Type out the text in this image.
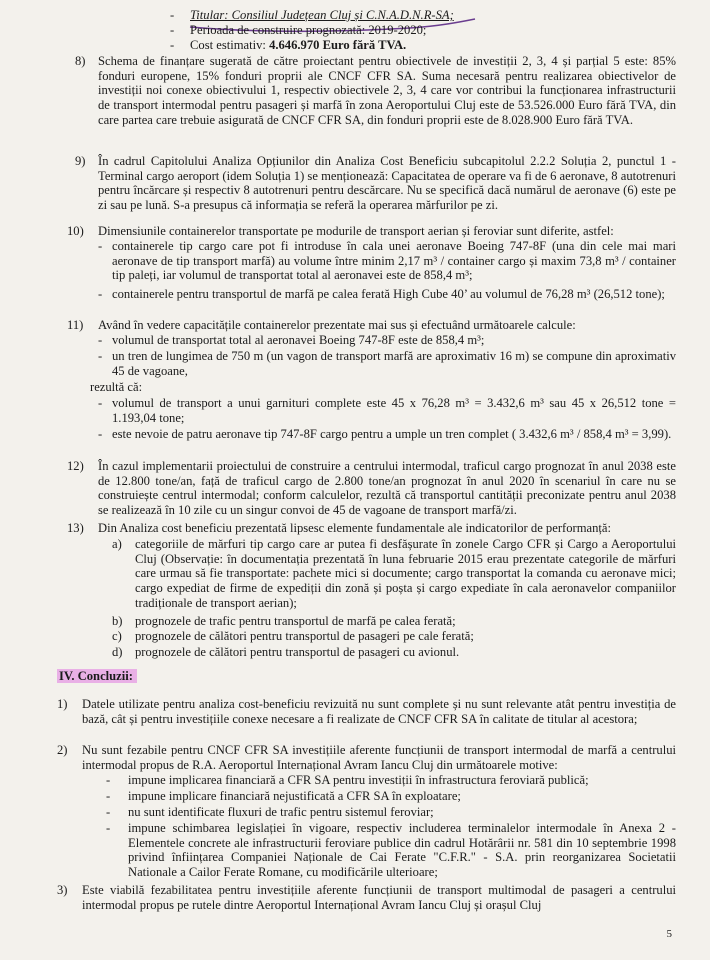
- Titular: Consiliul Județean Cluj și C.N.A.D.N.R-SA;
- Perioada de construire prognozată: 2019-2020;
- Cost estimativ: 4.646.970 Euro fără TVA.
8) Schema de finanțare sugerată de către proiectant pentru obiectivele de investiții 2, 3, 4 și parțial 5 este: 85% fonduri europene, 15% fonduri proprii ale CNCF CFR SA. Suma necesară pentru realizarea obiectivelor de investiții noi conexe obiectivului 1, respectiv obiectivele 2, 3, 4 care vor contribui la funcționarea infrastructurii de transport intermodal pentru pasageri și marfă în zona Aeroportului Cluj este de 53.526.000 Euro fără TVA, din care partea care trebuie asigurată de CNCF CFR SA, din fonduri proprii este de 8.028.900 Euro fără TVA.

9) În cadrul Capitolului Analiza Opțiunilor din Analiza Cost Beneficiu subcapitolul 2.2.2 Soluția 2, punctul 1 - Terminal cargo aeroport (idem Soluția 1) se menționează: Capacitatea de operare va fi de 6 aeronave, 8 autotrenuri pentru încărcare și respectiv 8 autotrenuri pentru descărcare. Nu se specifică dacă numărul de aeronave (6) este pe zi sau pe lună. S-a presupus că informația se referă la operarea mărfurilor pe zi.

10) Dimensiunile containerelor transportate pe modurile de transport aerian și feroviar sunt diferite, astfel:

- containerele tip cargo care pot fi introduse în cala unei aeronave Boeing 747-8F (una din cele mai mari aeronave de tip transport marfă) au volume între minim 2,17 m³ / container cargo și maxim 73,8 m³ / container tip paleți, iar volumul de transportat total al aeronavei este de 858,4 m³;

- containerele pentru transportul de marfă pe calea ferată High Cube 40’ au volumul de 76,28 m³ (26,512 tone);

11) Având în vedere capacitățile containerelor prezentate mai sus și efectuând următoarele calcule:

- volumul de transportat total al aeronavei Boeing 747-8F este de 858,4 m³;

- un tren de lungimea de 750 m (un vagon de transport marfă are aproximativ 16 m) se compune din aproximativ 45 de vagoane,

rezultă că:

- volumul de transport a unui garnituri complete este 45 x 76,28 m³ = 3.432,6 m³ sau 45 x 26,512 tone = 1.193,04 tone;

- este nevoie de patru aeronave tip 747-8F cargo pentru a umple un tren complet ( 3.432,6 m³ / 858,4 m³ = 3,99).

12) În cazul implementarii proiectului de construire a centrului intermodal, traficul cargo prognozat în anul 2038 este de 12.800 tone/an, față de traficul cargo de 2.800 tone/an prognozat în anul 2020 în scenariul în care nu se construiește centrul intermodal; conform calculelor, rezultă că transportul cantității preconizate pentru anul 2038 se realizează în 10 zile cu un singur convoi de 45 de vagoane de transport marfă/zi.

13) Din Analiza cost beneficiu prezentată lipsesc elemente fundamentale ale indicatorilor de performanță:

a) categoriile de mărfuri tip cargo care ar putea fi desfășurate în zonele Cargo CFR și Cargo a Aeroportului Cluj (Observație: în documentația prezentată în luna februarie 2015 erau prezentate categorile de mărfuri care urmau să fie transportate: pachete mici si documente; cargo transportat la comanda cu aeronave mici; cargo expediat de firme de expediții din zonă și poșta și cargo expediate în cala aeronavelor companiilor tradiționale de transport aerian);

b) prognozele de trafic pentru transportul de marfă pe calea ferată;

c) prognozele de călători pentru transportul de pasageri pe cale ferată;

d) prognozele de călători pentru transportul de pasageri cu avionul.

IV. Concluzii:
1) Datele utilizate pentru analiza cost-beneficiu revizuită nu sunt complete și nu sunt relevante atât pentru investiția de bază, cât și pentru investițiile conexe necesare a fi realizate de CNCF CFR SA în calitate de titular al acestora;

2) Nu sunt fezabile pentru CNCF CFR SA investițiile aferente funcțiunii de transport intermodal de marfă a centrului intermodal propus de R.A. Aeroportul Internațional Avram Iancu Cluj din următoarele motive:

- impune implicarea financiară a CFR SA pentru investiții în infrastructura feroviară publică;

- impune implicare financiară nejustificată a CFR SA în exploatare;

- nu sunt identificate fluxuri de trafic pentru sistemul feroviar;

- impune schimbarea legislației în vigoare, respectiv includerea terminalelor intermodale în Anexa 2 - Elementele concrete ale infrastructurii feroviare publice din cadrul Hotărârii nr. 581 din 10 septembrie 1998 privind înființarea Companiei Naționale de Cai Ferate "C.F.R." - S.A. prin reorganizarea Societatii Nationale a Cailor Ferate Romane, cu modificările ulterioare;

3) Este viabilă fezabilitatea pentru investițiile aferente funcțiunii de transport multimodal de pasageri a centrului intermodal propus pe rutele dintre Aeroportul Internațional Avram Iancu Cluj și orașul Cluj

5
